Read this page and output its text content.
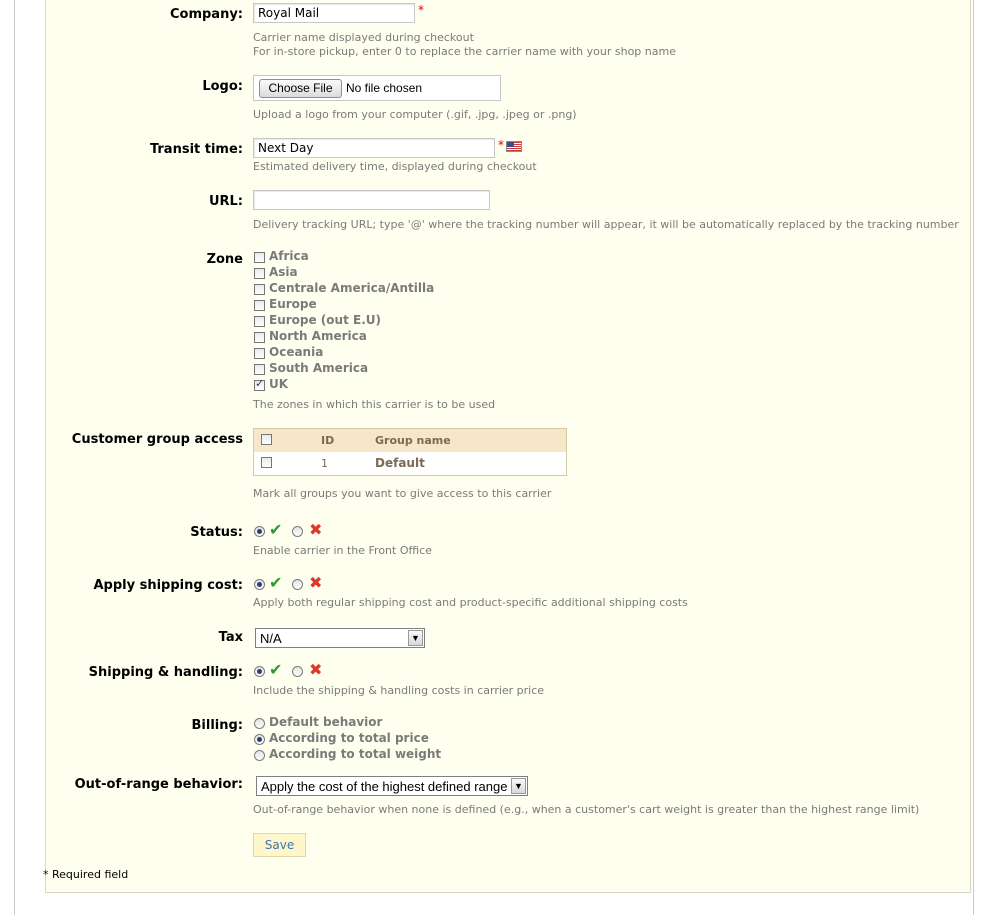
Company:
Royal Mail	*
Carrier name displayed during checkout
For in-store pickup, enter 0 to replace the carrier name with your shop name
Logo:	Choose File	No file chosen
Upload a logo from your computer (.gif, .jpg, .jpeg or .png)
Transit time:
Next Day	*
Estimated delivery time, displayed during checkout
URL:
Delivery tracking URL; type '@' where the tracking number will appear, it will be automatically replaced by the tracking number
Zone Africa
Asia
Centrale America/Antilla
Europe
Europe (out E.U)
North America
Oceania
South America
✓
UK
The zones in which this carrier is to be used
Customer group access	ID	Group name
1	Default
Mark all groups you want to give access to this carrier
Status: ✔ ✖
Enable carrier in the Front Office
Apply shipping cost: ✔ ✖
Apply both regular shipping cost and product-specific additional shipping costs
Tax	N/A	▼
Shipping & handling: ✔ ✖
Include the shipping & handling costs in carrier price
Billing: Default behavior
According to total price
According to total weight
Out-of-range behavior:	Apply the cost of the highest defined range ▼
Out-of-range behavior when none is defined (e.g., when a customer's cart weight is greater than the highest range limit)
Save
* Required field
